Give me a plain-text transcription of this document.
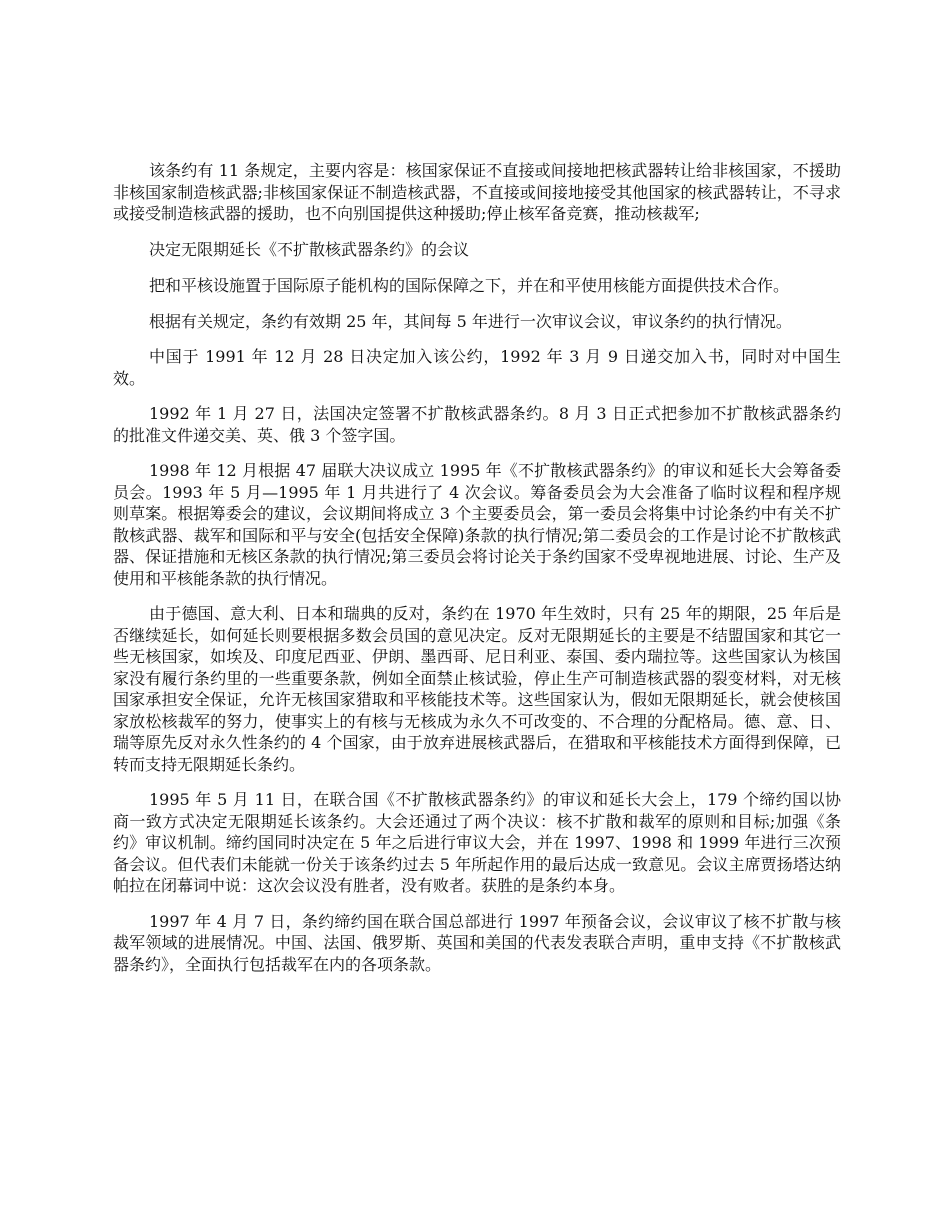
该条约有 11 条规定，主要内容是：核国家保证不直接或间接地把核武器转让给非核国家，不援助非核国家制造核武器;非核国家保证不制造核武器，不直接或间接地接受其他国家的核武器转让，不寻求或接受制造核武器的援助，也不向别国提供这种援助;停止核军备竞赛，推动核裁军;

决定无限期延长《不扩散核武器条约》的会议

把和平核设施置于国际原子能机构的国际保障之下，并在和平使用核能方面提供技术合作。

根据有关规定，条约有效期 25 年，其间每 5 年进行一次审议会议，审议条约的执行情况。

中国于 1991 年 12 月 28 日决定加入该公约，1992 年 3 月 9 日递交加入书，同时对中国生效。

1992 年 1 月 27 日，法国决定签署不扩散核武器条约。8 月 3 日正式把参加不扩散核武器条约的批准文件递交美、英、俄 3 个签字国。

1998 年 12 月根据 47 届联大决议成立 1995 年《不扩散核武器条约》的审议和延长大会筹备委员会。1993 年 5 月—1995 年 1 月共进行了 4 次会议。筹备委员会为大会准备了临时议程和程序规则草案。根据筹委会的建议，会议期间将成立 3 个主要委员会，第一委员会将集中讨论条约中有关不扩散核武器、裁军和国际和平与安全(包括安全保障)条款的执行情况;第二委员会的工作是讨论不扩散核武器、保证措施和无核区条款的执行情况;第三委员会将讨论关于条约国家不受卑视地进展、讨论、生产及使用和平核能条款的执行情况。

由于德国、意大利、日本和瑞典的反对，条约在 1970 年生效时，只有 25 年的期限，25 年后是否继续延长，如何延长则要根据多数会员国的意见决定。反对无限期延长的主要是不结盟国家和其它一些无核国家，如埃及、印度尼西亚、伊朗、墨西哥、尼日利亚、泰国、委内瑞拉等。这些国家认为核国家没有履行条约里的一些重要条款，例如全面禁止核试验，停止生产可制造核武器的裂变材料，对无核国家承担安全保证，允许无核国家猎取和平核能技术等。这些国家认为，假如无限期延长，就会使核国家放松核裁军的努力，使事实上的有核与无核成为永久不可改变的、不合理的分配格局。德、意、日、瑞等原先反对永久性条约的 4 个国家，由于放弃进展核武器后，在猎取和平核能技术方面得到保障，已转而支持无限期延长条约。

1995 年 5 月 11 日，在联合国《不扩散核武器条约》的审议和延长大会上，179 个缔约国以协商一致方式决定无限期延长该条约。大会还通过了两个决议：核不扩散和裁军的原则和目标;加强《条约》审议机制。缔约国同时决定在 5 年之后进行审议大会，并在 1997、1998 和 1999 年进行三次预备会议。但代表们未能就一份关于该条约过去 5 年所起作用的最后达成一致意见。会议主席贾扬塔达纳帕拉在闭幕词中说：这次会议没有胜者，没有败者。获胜的是条约本身。

1997 年 4 月 7 日，条约缔约国在联合国总部进行 1997 年预备会议，会议审议了核不扩散与核裁军领域的进展情况。中国、法国、俄罗斯、英国和美国的代表发表联合声明，重申支持《不扩散核武器条约》，全面执行包括裁军在内的各项条款。
